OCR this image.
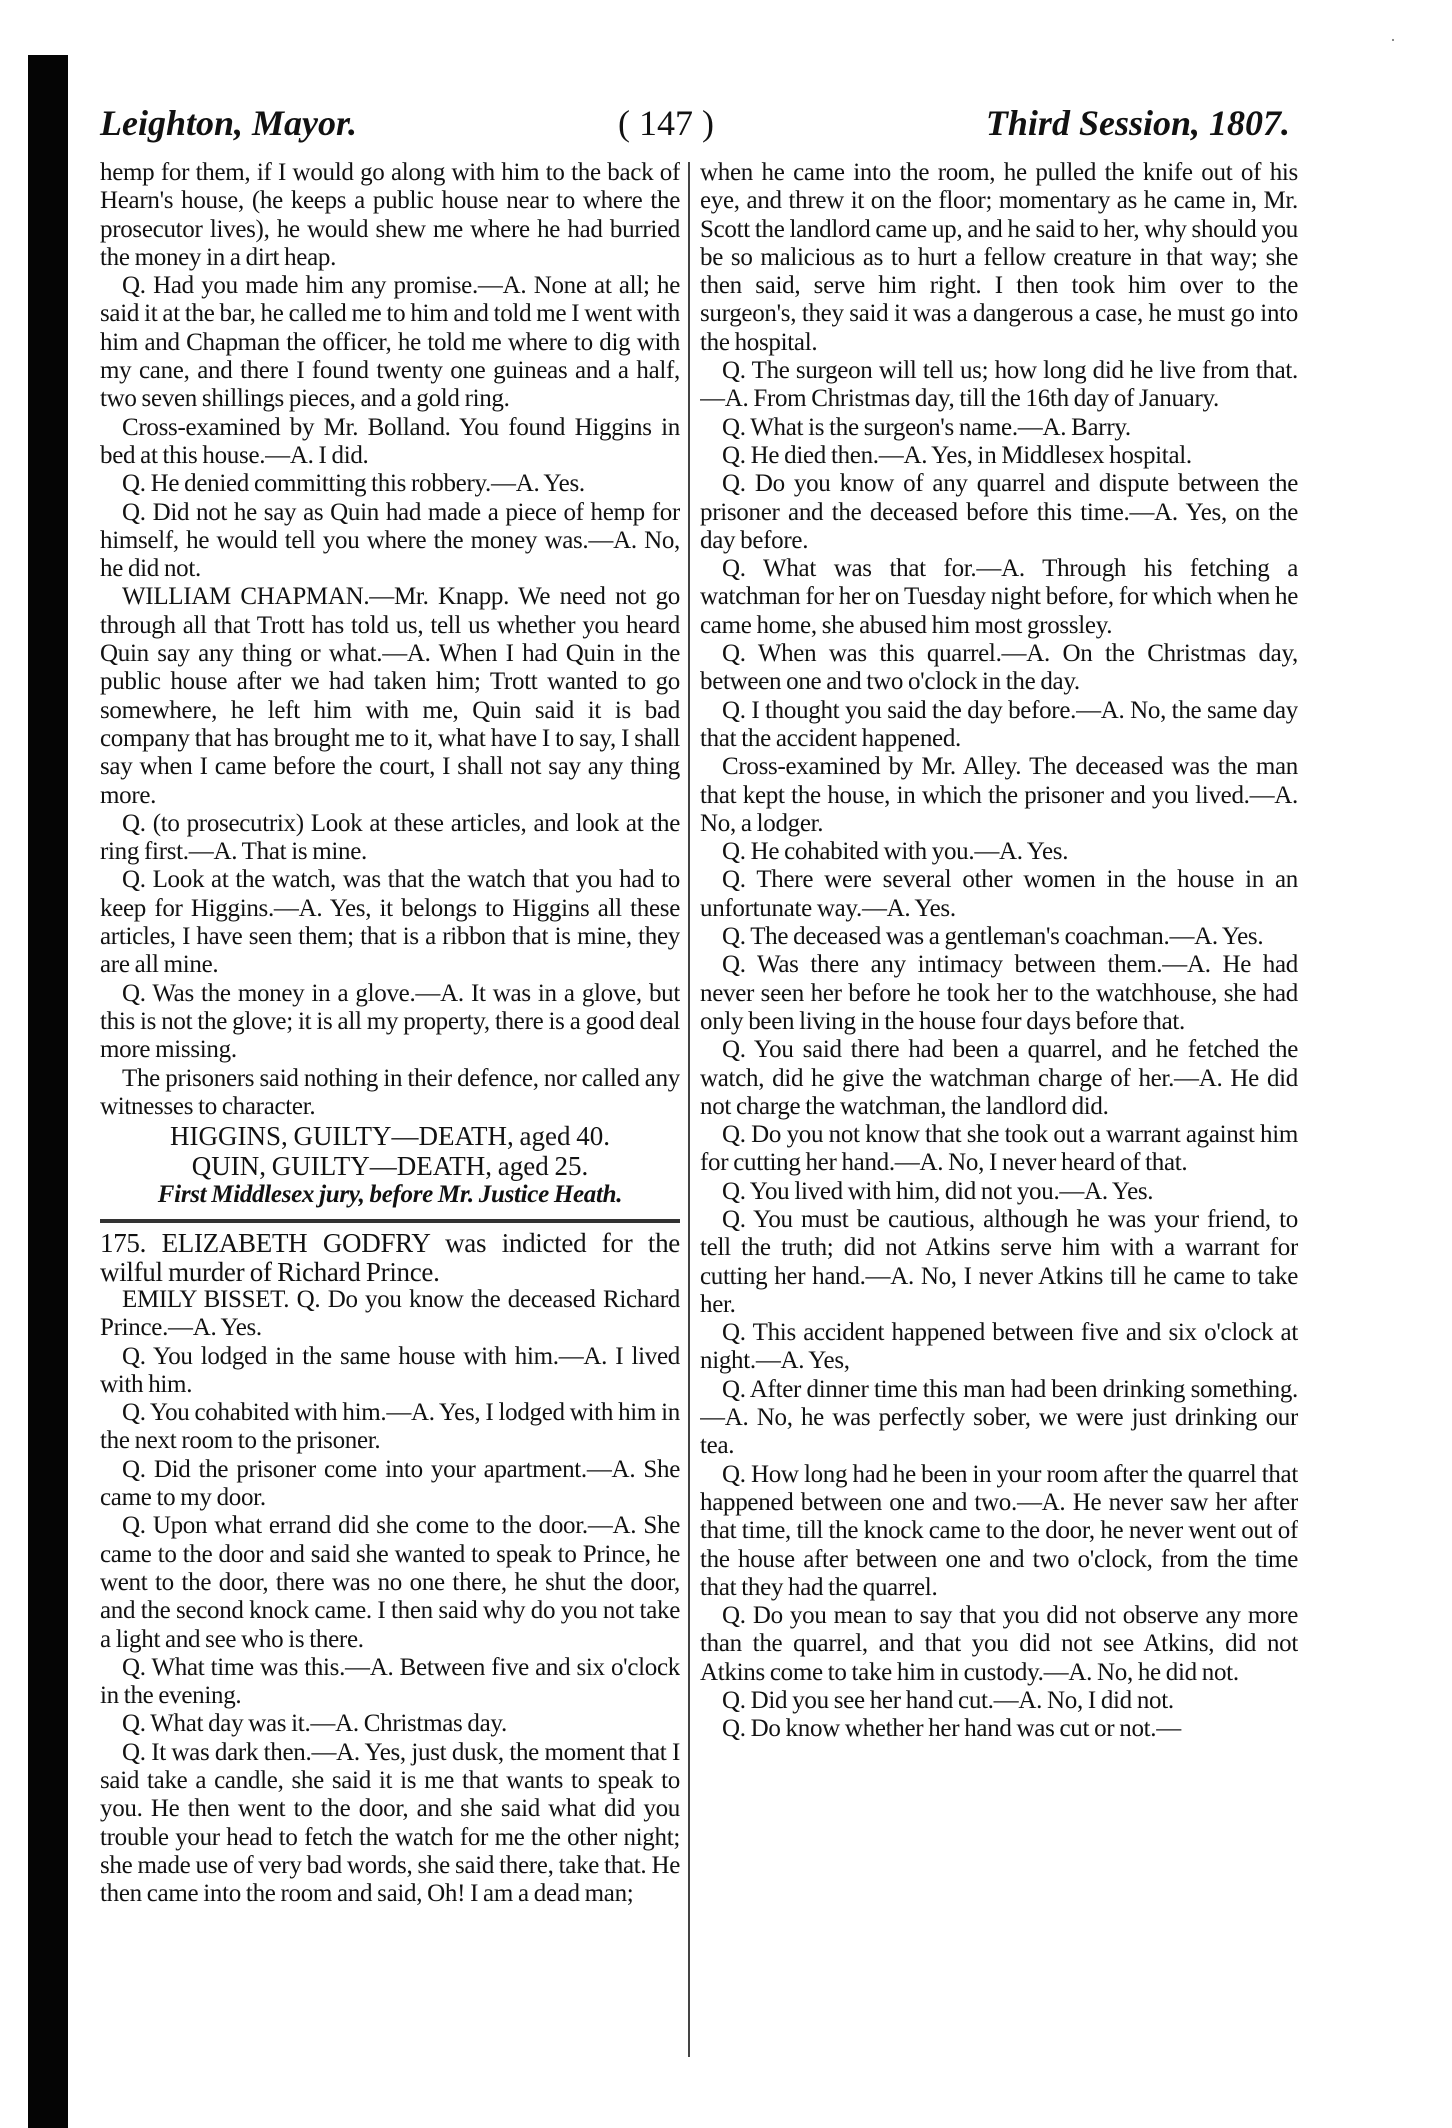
·
Leighton, Mayor.	( 147 )	Third Session, 1807.

hemp for them, if I would go along with him to the back of Hearn's house, (he keeps a public house near to where the prosecutor lives), he would shew me where he had burried the money in a dirt heap.

Q. Had you made him any promise.—A. None at all; he said it at the bar, he called me to him and told me I went with him and Chapman the officer, he told me where to dig with my cane, and there I found twenty one guineas and a half, two seven shillings pieces, and a gold ring.

Cross-examined by Mr. Bolland. You found Higgins in bed at this house.—A. I did.

Q. He denied committing this robbery.—A. Yes.

Q. Did not he say as Quin had made a piece of hemp for himself, he would tell you where the money was.—A. No, he did not.

WILLIAM CHAPMAN.—Mr. Knapp. We need not go through all that Trott has told us, tell us whether you heard Quin say any thing or what.—A. When I had Quin in the public house after we had taken him; Trott wanted to go somewhere, he left him with me, Quin said it is bad company that has brought me to it, what have I to say, I shall say when I came before the court, I shall not say any thing more.

Q. (to prosecutrix) Look at these articles, and look at the ring first.—A. That is mine.

Q. Look at the watch, was that the watch that you had to keep for Higgins.—A. Yes, it belongs to Higgins all these articles, I have seen them; that is a ribbon that is mine, they are all mine.

Q. Was the money in a glove.—A. It was in a glove, but this is not the glove; it is all my property, there is a good deal more missing.

The prisoners said nothing in their defence, nor called any witnesses to character.

HIGGINS, GUILTY—DEATH, aged 40.

QUIN, GUILTY—DEATH, aged 25.

First Middlesex jury, before Mr. Justice Heath.

175. ELIZABETH GODFRY was indicted for the wilful murder of Richard Prince.

EMILY BISSET. Q. Do you know the deceased Richard Prince.—A. Yes.

Q. You lodged in the same house with him.—A. I lived with him.

Q. You cohabited with him.—A. Yes, I lodged with him in the next room to the prisoner.

Q. Did the prisoner come into your apartment.—A. She came to my door.

Q. Upon what errand did she come to the door.—A. She came to the door and said she wanted to speak to Prince, he went to the door, there was no one there, he shut the door, and the second knock came. I then said why do you not take a light and see who is there.

Q. What time was this.—A. Between five and six o'clock in the evening.

Q. What day was it.—A. Christmas day.

Q. It was dark then.—A. Yes, just dusk, the moment that I said take a candle, she said it is me that wants to speak to you. He then went to the door, and she said what did you trouble your head to fetch the watch for me the other night; she made use of very bad words, she said there, take that. He then came into the room and said, Oh! I am a dead man;

when he came into the room, he pulled the knife out of his eye, and threw it on the floor; momentary as he came in, Mr. Scott the landlord came up, and he said to her, why should you be so malicious as to hurt a fellow creature in that way; she then said, serve him right. I then took him over to the surgeon's, they said it was a dangerous a case, he must go into the hospital.

Q. The surgeon will tell us; how long did he live from that.—A. From Christmas day, till the 16th day of January.

Q. What is the surgeon's name.—A. Barry.

Q. He died then.—A. Yes, in Middlesex hospital.

Q. Do you know of any quarrel and dispute between the prisoner and the deceased before this time.—A. Yes, on the day before.

Q. What was that for.—A. Through his fetching a watchman for her on Tuesday night before, for which when he came home, she abused him most grossley.

Q. When was this quarrel.—A. On the Christmas day, between one and two o'clock in the day.

Q. I thought you said the day before.—A. No, the same day that the accident happened.

Cross-examined by Mr. Alley. The deceased was the man that kept the house, in which the prisoner and you lived.—A. No, a lodger.

Q. He cohabited with you.—A. Yes.

Q. There were several other women in the house in an unfortunate way.—A. Yes.

Q. The deceased was a gentleman's coachman.—A. Yes.

Q. Was there any intimacy between them.—A. He had never seen her before he took her to the watchhouse, she had only been living in the house four days before that.

Q. You said there had been a quarrel, and he fetched the watch, did he give the watchman charge of her.—A. He did not charge the watchman, the landlord did.

Q. Do you not know that she took out a warrant against him for cutting her hand.—A. No, I never heard of that.

Q. You lived with him, did not you.—A. Yes.

Q. You must be cautious, although he was your friend, to tell the truth; did not Atkins serve him with a warrant for cutting her hand.—A. No, I never Atkins till he came to take her.

Q. This accident happened between five and six o'clock at night.—A. Yes,

Q. After dinner time this man had been drinking something.—A. No, he was perfectly sober, we were just drinking our tea.

Q. How long had he been in your room after the quarrel that happened between one and two.—A. He never saw her after that time, till the knock came to the door, he never went out of the house after between one and two o'clock, from the time that they had the quarrel.

Q. Do you mean to say that you did not observe any more than the quarrel, and that you did not see Atkins, did not Atkins come to take him in custody.—A. No, he did not.

Q. Did you see her hand cut.—A. No, I did not.

Q. Do know whether her hand was cut or not.—
